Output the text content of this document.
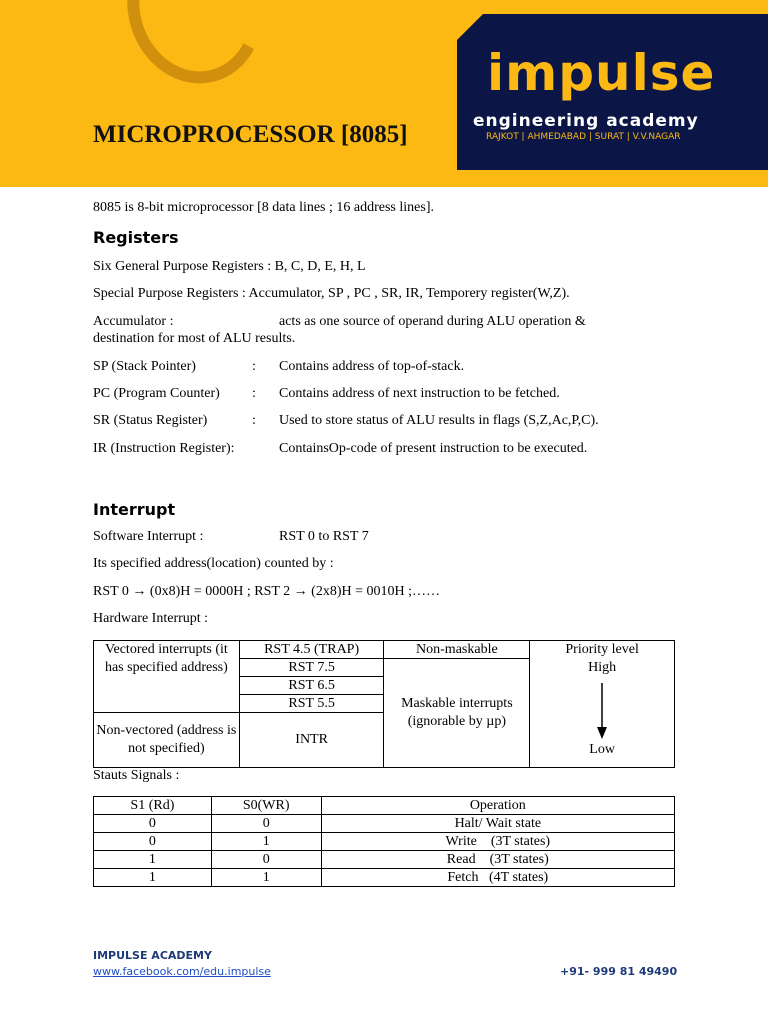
MICROPROCESSOR [8085]
impulse
engineering academy
RAJKOT | AHMEDABAD | SURAT | V.V.NAGAR
8085 is 8-bit microprocessor [8 data lines ; 16 address lines].
Registers
Six General Purpose Registers : B, C, D, E, H, L
Special Purpose Registers : Accumulator, SP , PC , SR, IR, Temporery register(W,Z).
Accumulator :	acts as one source of operand during ALU operation &
destination for most of ALU results.
SP (Stack Pointer)	: Contains address of top-of-stack.
PC (Program Counter) : Contains address of next instruction to be fetched.
SR (Status Register)	: Used to store status of ALU results in flags (S,Z,Ac,P,C).
IR (Instruction Register):	ContainsOp-code of present instruction to be executed.
Interrupt
Software Interrupt :	RST 0 to RST 7
Its specified address(location) counted by :
RST 0 → (0x8)H = 0000H ; RST 2 → (2x8)H = 0010H ;……
Hardware Interrupt :
Vectored interrupts (it has specified address)	RST 4.5 (TRAP)	Non-maskable	Priority level
High
Low

	RST 7.5	Maskable interrupts (ignorable by µp)	
	RST 6.5		
	RST 5.5		
Non-vectored (address is not specified)	INTR		
Stauts Signals :
S1 (Rd)	S0(WR)	Operation
0	0	Halt/ Wait state
0	1	Write    (3T states)
1	0	Read    (3T states)
1	1	Fetch   (4T states)
IMPULSE ACADEMY
www.facebook.com/edu.impulse	+91- 999 81 49490
